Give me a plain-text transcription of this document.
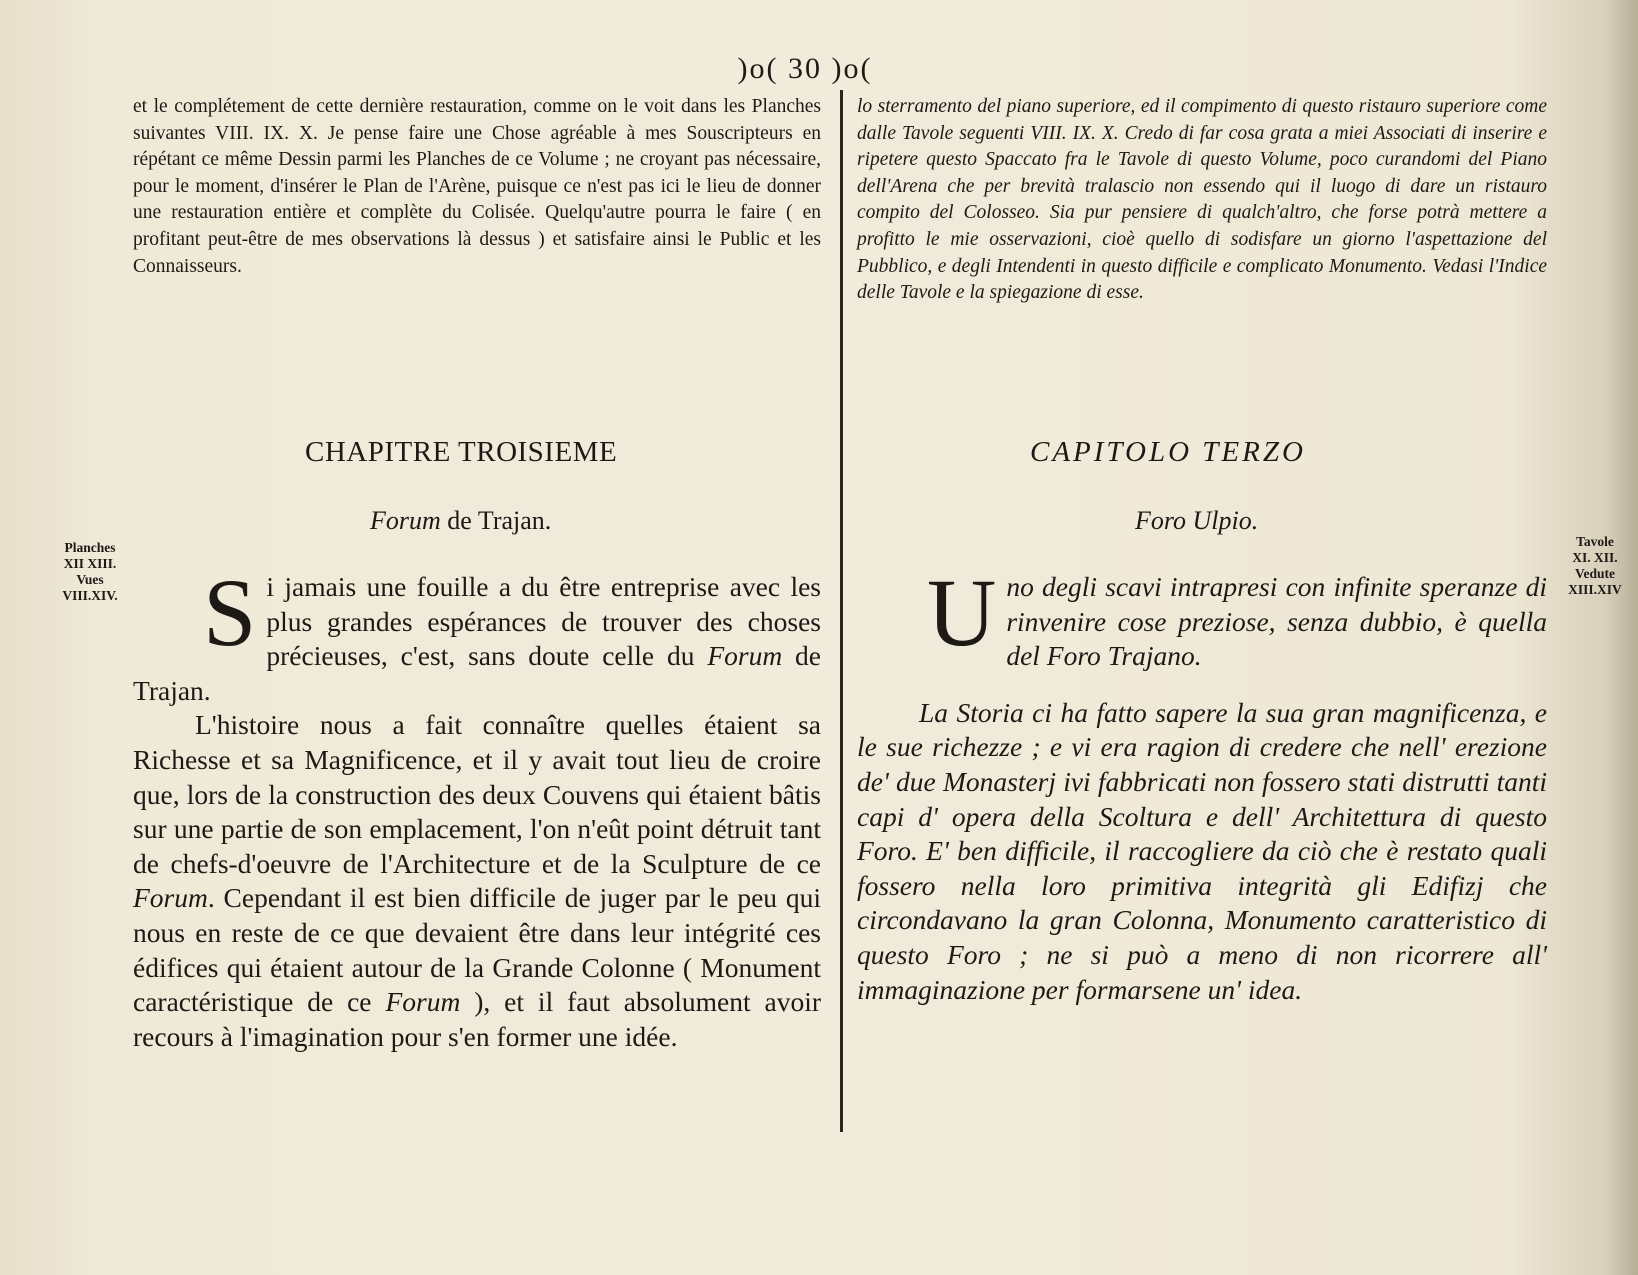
)o( 30 )o(
et le complétement de cette dernière restauration, comme on le voit dans les Planches suivantes VIII. IX. X. Je pense faire une Chose agréable à mes Souscripteurs en répétant ce même Dessin parmi les Planches de ce Volume ; ne croyant pas nécessaire, pour le moment, d'insérer le Plan de l'Arène, puisque ce n'est pas ici le lieu de donner une restauration entière et complète du Colisée. Quelqu'autre pourra le faire ( en profitant peut-être de mes observations là dessus ) et satisfaire ainsi le Public et les Connaisseurs.
CHAPITRE TROISIEME
Forum de Trajan.
Planches
XII XIII.
Vues
VIII.XIV. Si jamais une fouille a du être entreprise avec les plus grandes espérances de trouver des choses précieuses, c'est, sans doute celle du Forum de Trajan.

L'histoire nous a fait connaître quelles étaient sa Richesse et sa Magnificence, et il y avait tout lieu de croire que, lors de la construction des deux Couvens qui étaient bâtis sur une partie de son emplacement, l'on n'eût point détruit tant de chefs-d'oeuvre de l'Architecture et de la Sculpture de ce Forum. Cependant il est bien difficile de juger par le peu qui nous en reste de ce que devaient être dans leur intégrité ces édifices qui étaient autour de la Grande Colonne ( Monument caractéristique de ce Forum ), et il faut absolument avoir recours à l'imagination pour s'en former une idée.

lo sterramento del piano superiore, ed il compimento di questo ristauro superiore come dalle Tavole seguenti VIII. IX. X. Credo di far cosa grata a miei Associati di inserire e ripetere questo Spaccato fra le Tavole di questo Volume, poco curandomi del Piano dell'Arena che per brevità tralascio non essendo qui il luogo di dare un ristauro compito del Colosseo. Sia pur pensiere di qualch'altro, che forse potrà mettere a profitto le mie osservazioni, cioè quello di sodisfare un giorno l'aspettazione del Pubblico, e degli Intendenti in questo difficile e complicato Monumento. Vedasi l'Indice delle Tavole e la spiegazione di esse.
CAPITOLO TERZO
Foro Ulpio.
Tavole
XI. XII.
Vedute
XIII.XIV

Uno degli scavi intrapresi con infinite speranze di rinvenire cose preziose, senza dubbio, è quella del Foro Trajano.

La Storia ci ha fatto sapere la sua gran magnificenza, e le sue richezze ; e vi era ragion di credere che nell' erezione de' due Monasterj ivi fabbricati non fossero stati distrutti tanti capi d' opera della Scoltura e dell' Architettura di questo Foro. E' ben difficile, il raccogliere da ciò che è restato quali fossero nella loro primitiva integrità gli Edifizj che circondavano la gran Colonna, Monumento caratteristico di questo Foro ; ne si può a meno di non ricorrere all' immaginazione per formarsene un' idea.
